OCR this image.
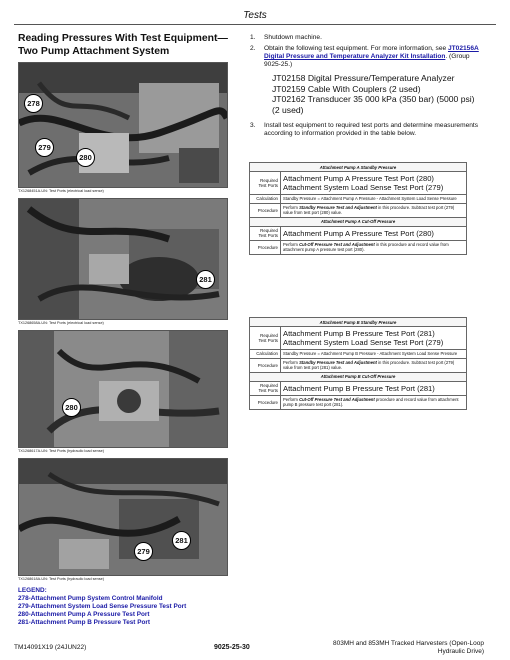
Tests
Reading Pressures With Test Equipment—
Two Pump Attachment System
278
279
280
TX1268451A-UN: Test Ports (electrical load sense)
281
TX1268658A-UN: Test Ports (electrical load sense)
280
TX1268617A-UN: Test Ports (hydraulic load sense)
279
281
TX1268618A-UN: Test Ports (hydraulic load sense)
LEGEND:
278-Attachment Pump System Control Manifold
279-Attachment System Load Sense Pressure Test Port
280-Attachment Pump A Pressure Test Port
281-Attachment Pump B Pressure Test Port
1. Shutdown machine.
2. Obtain the following test equipment. For more information, see JT02156A Digital Pressure and Temperature Analyzer Kit Installation. (Group 9025-25.)
JT02158 Digital Pressure/Temperature Analyzer
JT02159 Cable With Couplers (2 used)
JT02162 Transducer 35 000 kPa (350 bar) (5000 psi) (2 used)
3. Install test equipment to required test ports and determine measurements according to information provided in the table below.
Attachment Pump A Standby Pressure	
Required Test Ports	Attachment Pump A Pressure Test Port (280) Attachment System Load Sense Test Port (279)
Calculation	Standby Pressure = Attachment Pump A Pressure - Attachment System Load Sense Pressure
Procedure	Perform Standby Pressure Test and Adjustment in this procedure. Subtract test port (279) value from test port (280) value.
Attachment Pump A Cut-Off Pressure	
Required Test Ports	Attachment Pump A Pressure Test Port (280)
Procedure	Perform Cut-Off Pressure Test and Adjustment in this procedure and record value from attachment pump A pressure test port (280).
Attachment Pump B Standby Pressure	
Required Test Ports	Attachment Pump B Pressure Test Port (281) Attachment System Load Sense Test Port (279)
Calculation	Standby Pressure = Attachment Pump B Pressure - Attachment System Load Sense Pressure
Procedure	Perform Standby Pressure Test and Adjustment in this procedure. Subtract test port (279) value from test port (281) value.
Attachment Pump B Cut-Off Pressure	
Required Test Ports	Attachment Pump B Pressure Test Port (281)
Procedure	Perform Cut-Off Pressure Test and Adjustment procedure and record value from attachment pump B pressure test port (281).
TM14091X19 (24JUN22)	9025-25-30
803MH and 853MH Tracked Harvesters (Open-Loop Hydraulic Drive)
